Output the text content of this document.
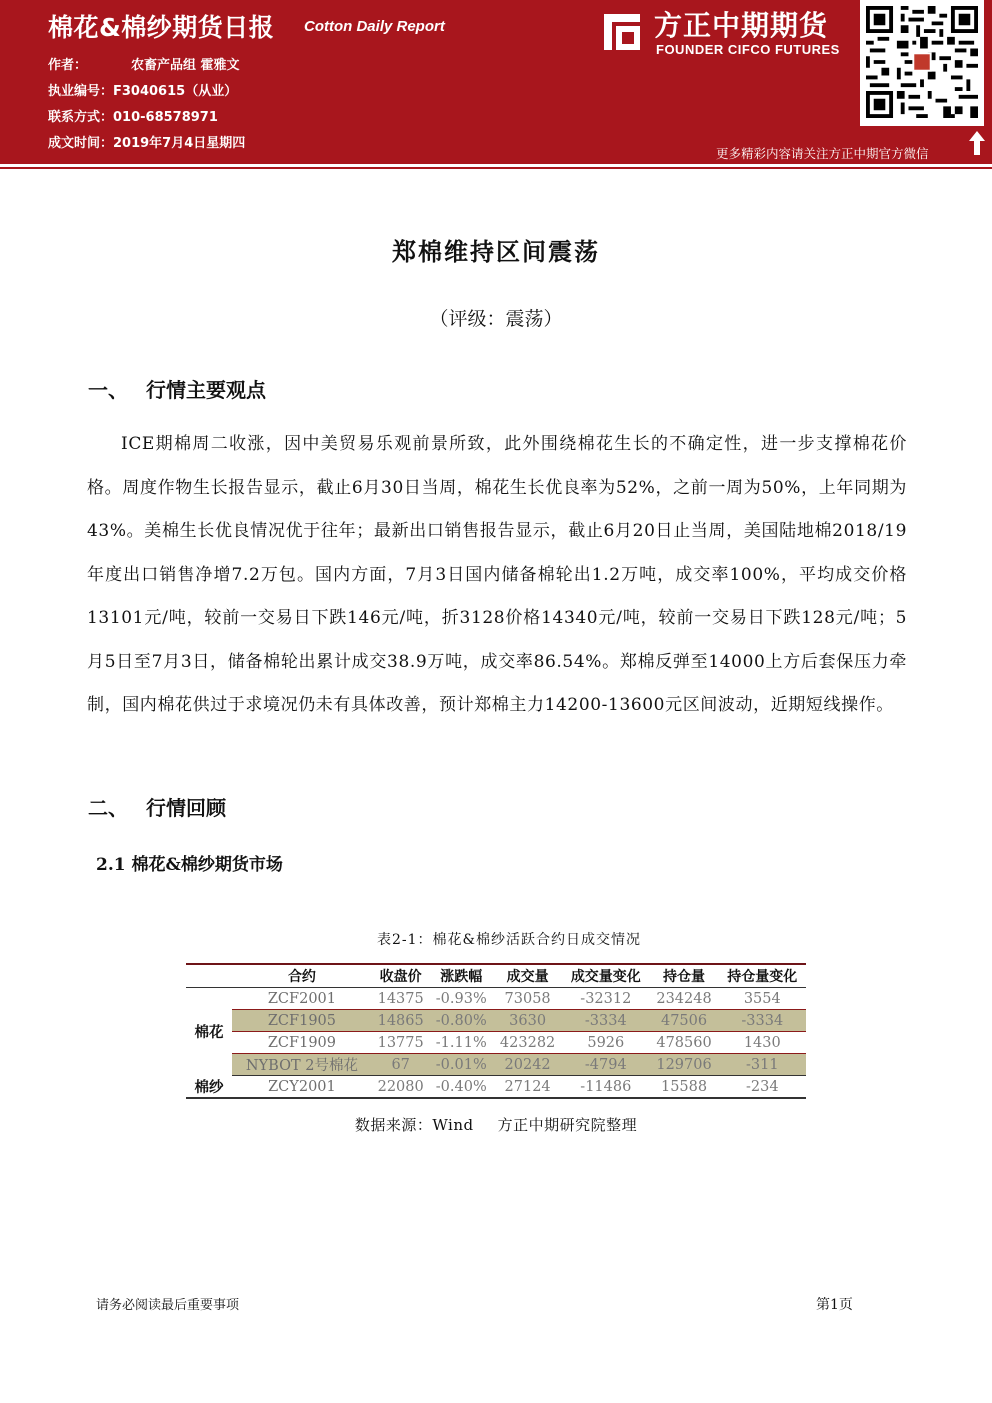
棉花&棉纱期货日报 Cotton Daily Report
作者：	农畜产品组 霍雅文
执业编号：F3040615（从业）
联系方式：010-68578971
成文时间：2019年7月4日星期四
方正中期期货
FOUNDER CIFCO FUTURES
更多精彩内容请关注方正中期官方微信
郑棉维持区间震荡
（评级：震荡）
一、 行情主要观点

ICE期棉周二收涨，因中美贸易乐观前景所致，此外围绕棉花生长的不确定性，进一步支撑棉花价格。周度作物生长报告显示，截止6月30日当周，棉花生长优良率为52%，之前一周为50%，上年同期为43%。美棉生长优良情况优于往年；最新出口销售报告显示，截止6月20日止当周，美国陆地棉2018/19年度出口销售净增7.2万包。国内方面，7月3日国内储备棉轮出1.2万吨，成交率100%，平均成交价格13101元/吨，较前一交易日下跌146元/吨，折3128价格14340元/吨，较前一交易日下跌128元/吨；5月5日至7月3日，储备棉轮出累计成交38.9万吨，成交率86.54%。郑棉反弹至14000上方后套保压力牵制，国内棉花供过于求境况仍未有具体改善，预计郑棉主力14200-13600元区间波动，近期短线操作。

二、 行情回顾
2.1 棉花&棉纱期货市场
表2-1：棉花&棉纱活跃合约日成交情况
	合约	收盘价	涨跌幅	成交量	成交量变化	持仓量	持仓量变化
棉花	ZCF2001	14375	-0.93%	73058	-32312	234248	3554
	ZCF1905	14865	-0.80%	3630	-3334	47506	-3334
	ZCF1909	13775	-1.11%	423282	5926	478560	1430
	NYBOT 2号棉花	67	-0.01%	20242	-4794	129706	-311
棉纱	ZCY2001	22080	-0.40%	27124	-11486	15588	-234
数据来源：Wind 方正中期研究院整理
请务必阅读最后重要事项	第1页
